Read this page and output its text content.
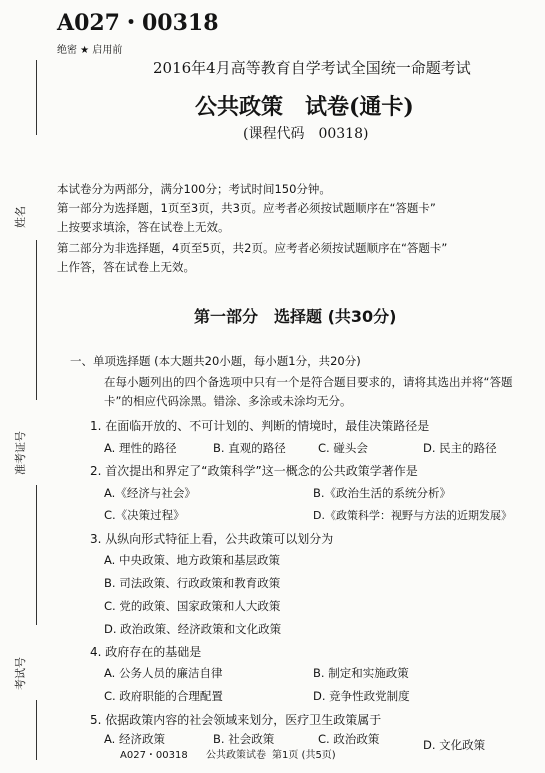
A027・00318
绝密 ★ 启用前
2016年4月高等教育自学考试全国统一命题考试
公共政策　试卷(通卡)
(课程代码　00318)
本试卷分为两部分，满分100分；考试时间150分钟。
第一部分为选择题，1页至3页，共3页。应考者必须按试题顺序在“答题卡”
上按要求填涂，答在试卷上无效。
第二部分为非选择题，4页至5页，共2页。应考者必须按试题顺序在“答题卡”
上作答，答在试卷上无效。
第一部分　选择题 (共30分)
一、单项选择题 (本大题共20小题，每小题1分，共20分)
在每小题列出的四个备选项中只有一个是符合题目要求的，请将其选出并将“答题
卡”的相应代码涂黑。错涂、多涂或未涂均无分。
1. 在面临开放的、不可计划的、判断的情境时，最佳决策路径是
A. 理性的路径	B. 直观的路径	C. 碰头会	D. 民主的路径
2. 首次提出和界定了“政策科学”这一概念的公共政策学著作是
A.《经济与社会》	B.《政治生活的系统分析》
C.《决策过程》	D.《政策科学：视野与方法的近期发展》
3. 从纵向形式特征上看，公共政策可以划分为
A. 中央政策、地方政策和基层政策
B. 司法政策、行政政策和教育政策
C. 党的政策、国家政策和人大政策
D. 政治政策、经济政策和文化政策
4. 政府存在的基础是
A. 公务人员的廉洁自律	B. 制定和实施政策
C. 政府职能的合理配置	D. 竞争性政党制度
5. 依据政策内容的社会领域来划分，医疗卫生政策属于
A. 经济政策	B. 社会政策	C. 政治政策	D. 文化政策
A027・00318 公共政策试卷 第1页 (共5页)
姓名
准考证号
考试号
